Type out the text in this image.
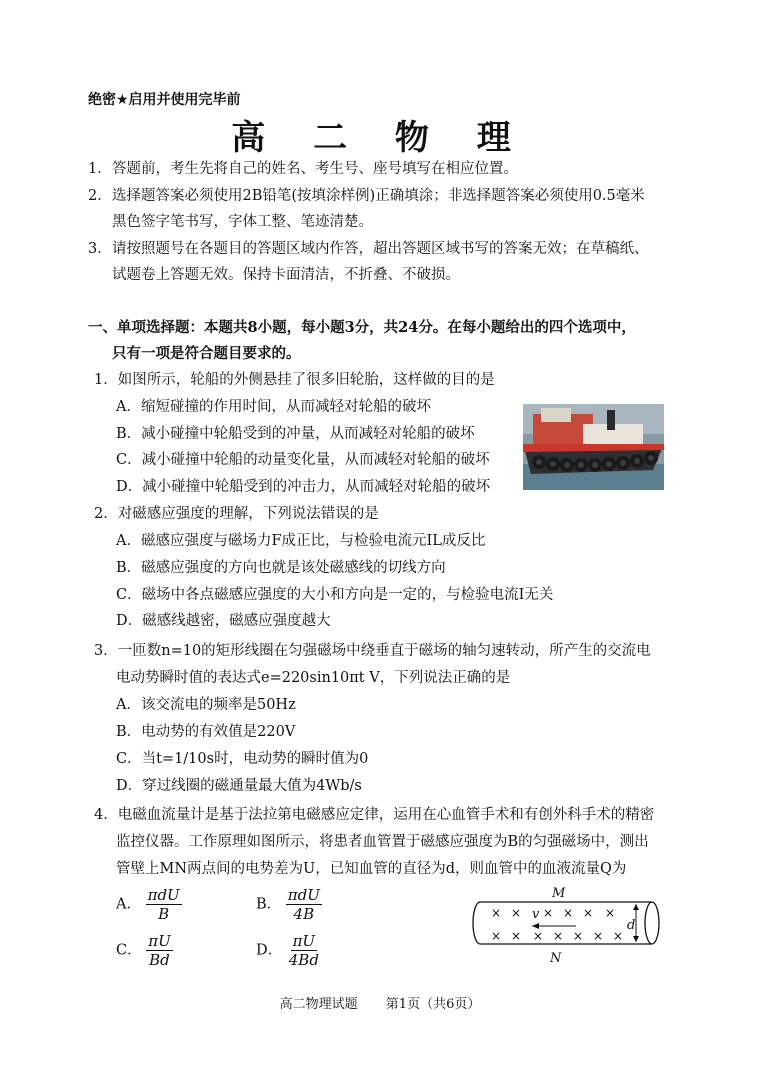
绝密★启用并使用完毕前
高 二 物 理
1．答题前，考生先将自己的姓名、考生号、座号填写在相应位置。
2．选择题答案必须使用2B铅笔(按填涂样例)正确填涂；非选择题答案必须使用0.5毫米
黑色签字笔书写，字体工整、笔迹清楚。
3．请按照题号在各题目的答题区域内作答，超出答题区域书写的答案无效；在草稿纸、
试题卷上答题无效。保持卡面清洁，不折叠、不破损。
一、单项选择题：本题共8小题，每小题3分，共24分。在每小题给出的四个选项中，
只有一项是符合题目要求的。
1．如图所示，轮船的外侧悬挂了很多旧轮胎，这样做的目的是
A．缩短碰撞的作用时间，从而减轻对轮船的破坏
B．减小碰撞中轮船受到的冲量，从而减轻对轮船的破坏
C．减小碰撞中轮船的动量变化量，从而减轻对轮船的破坏
D．减小碰撞中轮船受到的冲击力，从而减轻对轮船的破坏
2．对磁感应强度的理解，下列说法错误的是
A．磁感应强度与磁场力F成正比，与检验电流元IL成反比
B．磁感应强度的方向也就是该处磁感线的切线方向
C．磁场中各点磁感应强度的大小和方向是一定的，与检验电流I无关
D．磁感线越密，磁感应强度越大
3．一匝数n=10的矩形线圈在匀强磁场中绕垂直于磁场的轴匀速转动，所产生的交流电
电动势瞬时值的表达式e=220sin10πt V，下列说法正确的是
A．该交流电的频率是50Hz
B．电动势的有效值是220V
C．当t=1/10s时，电动势的瞬时值为0
D．穿过线圈的磁通量最大值为4Wb/s
4．电磁血流量计是基于法拉第电磁感应定律，运用在心血管手术和有创外科手术的精密
监控仪器。工作原理如图所示，将患者血管置于磁感应强度为B的匀强磁场中，测出
管壁上MN两点间的电势差为U，已知血管的直径为d，则血管中的血液流量Q为
A． $\frac{\text{πdU}}{B}$	B． $\frac{\text{πdU}}{4B}$
C． $\frac{\pi U}{Bd}$	D． $\frac{\pi U}{4Bd}$
× × × × × ×
× × × × × × ×
v
M
N
d
高二物理试题 第1页（共6页）
